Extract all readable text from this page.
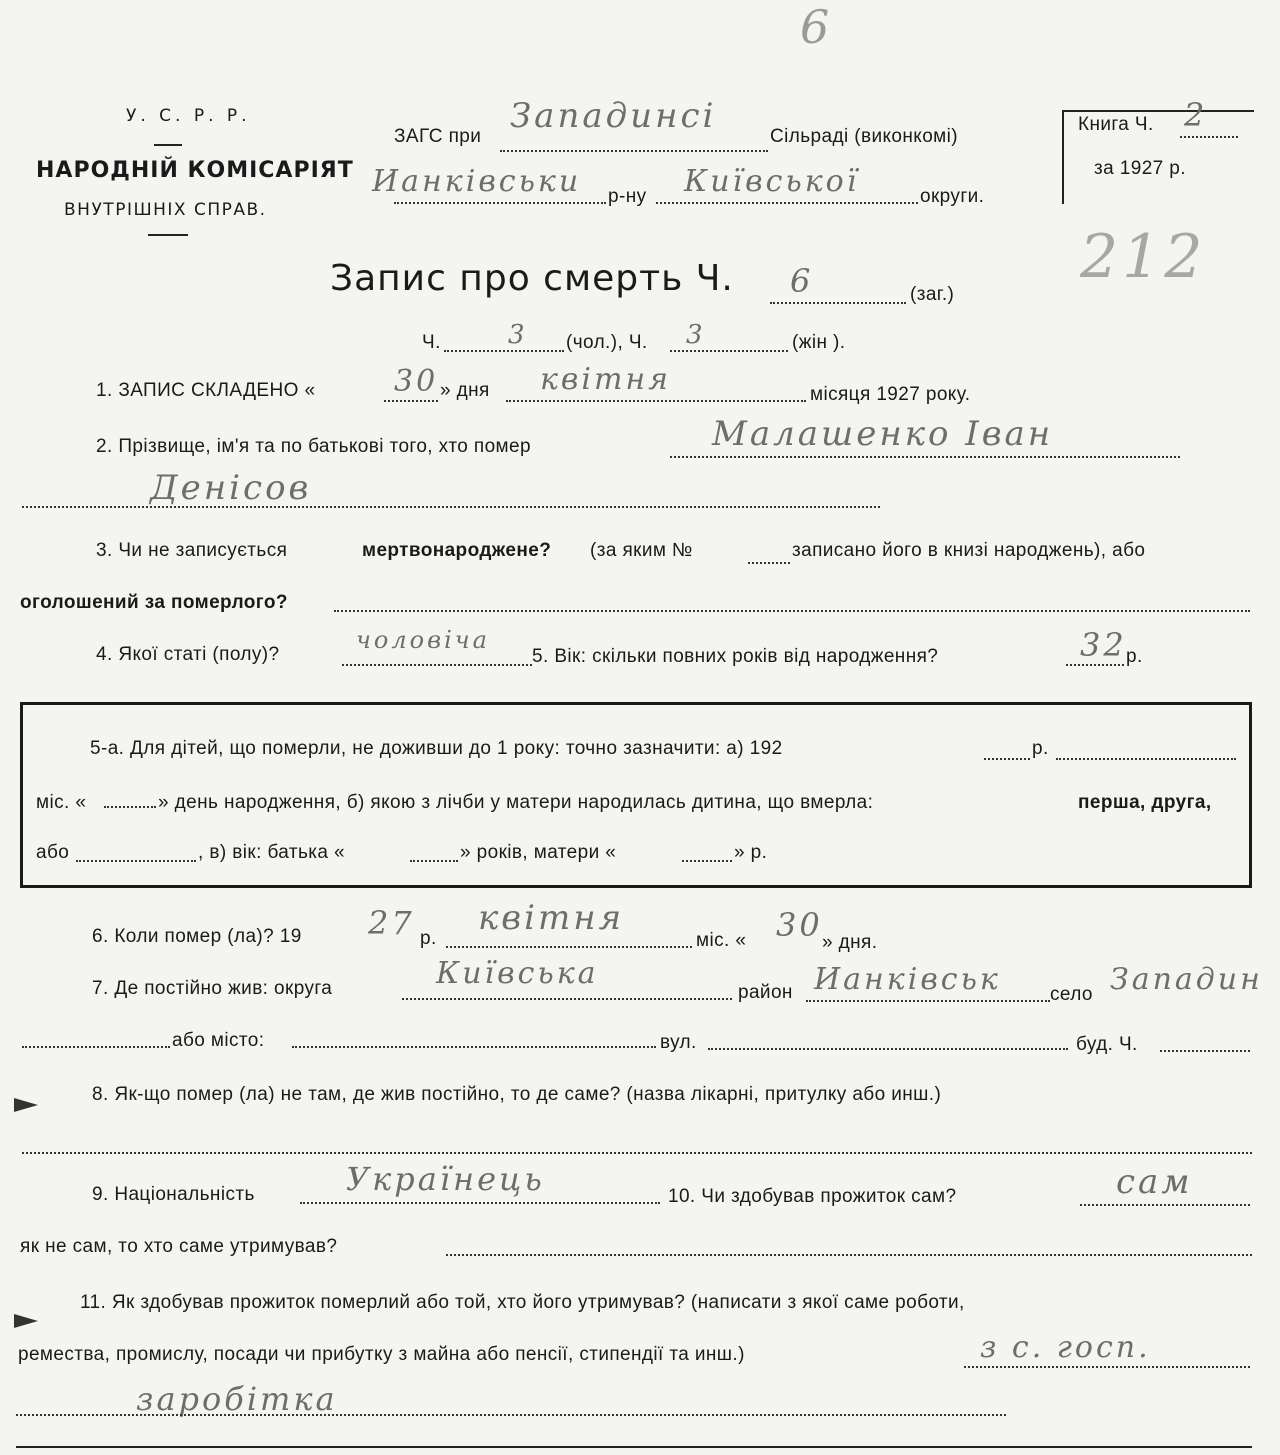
6
У. С. Р. Р.
НАРОДНІЙ КОМІСАРІЯТ
ВНУТРІШНІХ СПРАВ.
ЗАГС при
Западинсі
Сільраді (виконкомі)
Ианківськи р-ну Київської	округи.
Книга Ч. 2
за 1927 р.
212
Запис про смерть Ч. 6	(заг.)
Ч.	3 (чол.), Ч. 3	(жін ).
1. ЗАПИС СКЛАДЕНО «	30 » дня квітня	місяця 1927 року.
2. Прізвище, ім'я та по батькові того, хто помер	Малашенко Іван
Денісов
3. Чи не записується	мертвонароджене? (за яким №	записано його в книзі народжень), або
оголошений за померлого?
4. Якої статі (полу)?
чоловіча
5. Вік: скільки повних років від народження?	32 р.
5-а. Для дітей, що померли, не доживши до 1 року: точно зазначити: а) 192	р.
міс. «	» день народження, б) якою з лічби у матери народилась дитина, що вмерла:	перша, друга,
або	, в) вік: батька «	» років, матери «	» р.
6. Коли помер (ла)? 19 27 р.
квітня
міс. « 30 » дня.
7. Де постійно жив: округа	Київська
район Ианківськ	село Западин
або місто:	вул.	буд. Ч.
8. Як-що помер (ла) не там, де жив постійно, то де саме? (назва лікарні, притулку або инш.)
9. Національність	Українець	10. Чи здобував прожиток сам?	сам
як не сам, то хто саме утримував?
11. Як здобував прожиток померлий або той, хто його утримував? (написати з якої саме роботи,
ремества, промислу, посади чи прибутку з майна або пенсії, стипендії та инш.)	з с. госп.
заробітка
